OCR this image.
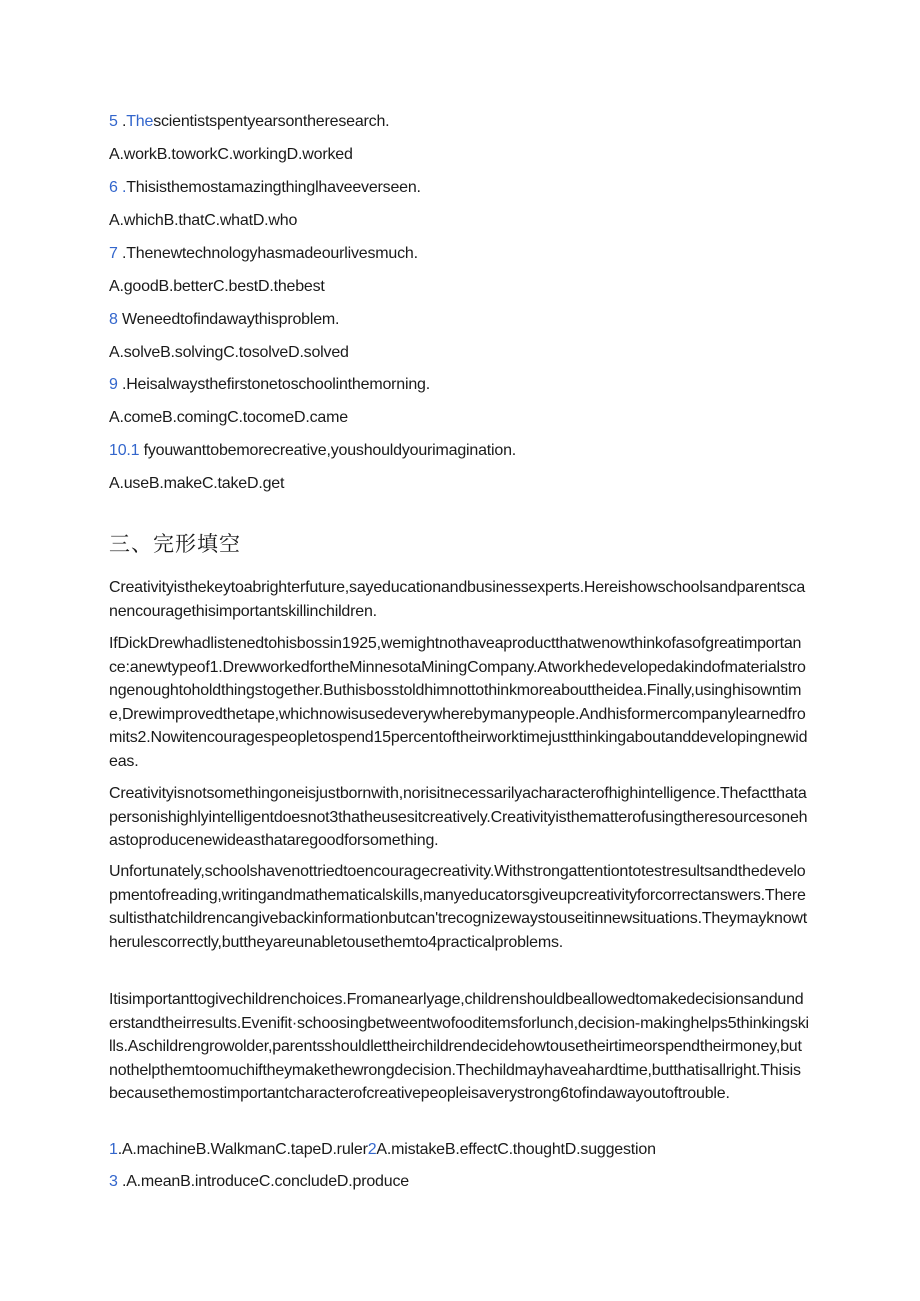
5 .Thescientistspentyearsontheresearch.
A.workB.toworkC.workingD.worked
6 .Thisisthemostamazingthinglhaveeverseen.
A.whichB.thatC.whatD.who
7 .Thenewtechnologyhasmadeourlivesmuch.
A.goodB.betterC.bestD.thebest
8 Weneedtofindawaythisproblem.
A.solveB.solvingC.tosolveD.solved
9 .Heisalwaysthefirstonetoschoolinthemorning.
A.comeB.comingC.tocomeD.came
10.1 fyouwanttobemorecreative,youshouldyourimagination.
A.useB.makeC.takeD.get
三、完形填空
Creativityisthekeytoabrighterfuture,sayeducationandbusinessexperts.Hereishowschoolsandparentscanencouragethisimportantskillinchildren.
IfDickDrewhadlistenedtohisbossin1925,wemightnothaveaproductthatwenowthinkofasofgreatimportance:anewtypeof1.DrewworkedfortheMinnesotaMiningCompany.Atworkhedevelopedakindofmaterialstrongenoughtoholdthingstogether.Buthisbosstoldhimnottothinkmoreabouttheidea.Finally,usinghisowntime,Drewimprovedthetape,whichnowisusedeverywherebymanypeople.Andhisformercompanylearnedfromits2.Nowitencouragespeopletospend15percentoftheirworktimejustthinkingaboutanddevelopingnewideas.
Creativityisnotsomethingoneisjustbornwith,norisitnecessarilyacharacterofhighintelligence.Thefactthatapersonishighlyintelligentdoesnot3thatheusesitcreatively.Creativityisthematterofusingtheresourcesonehastoproducenewideasthataregoodforsomething.
Unfortunately,schoolshavenottriedtoencouragecreativity.Withstrongattentiontotestresultsandthedevelopmentofreading,writingandmathematicalskills,manyeducatorsgiveupcreativityforcorrectanswers.Theresultisthatchildrencangivebackinformationbutcan'trecognizewaystouseitinnewsituations.Theymayknowtherulescorrectly,buttheyareunabletousethemto4practicalproblems.
Itisimportanttogivechildrenchoices.Fromanearlyage,childrenshouldbeallowedtomakedecisionsandunderstandtheirresults.Evenifit·schoosingbetweentwofooditemsforlunch,decision-makinghelps5thinkingskills.Aschildrengrowolder,parentsshouldlettheirchildrendecidehowtousetheirtimeorspendtheirmoney,butnothelpthemtoomuchiftheymakethewrongdecision.Thechildmayhaveahardtime,butthatisallright.Thisisbecausethemostimportantcharacterofcreativepeopleisaverystrong6tofindawayoutoftrouble.
1.A.machineB.WalkmanC.tapeD.ruler2A.mistakeB.effectC.thoughtD.suggestion
3 .A.meanB.introduceC.concludeD.produce
